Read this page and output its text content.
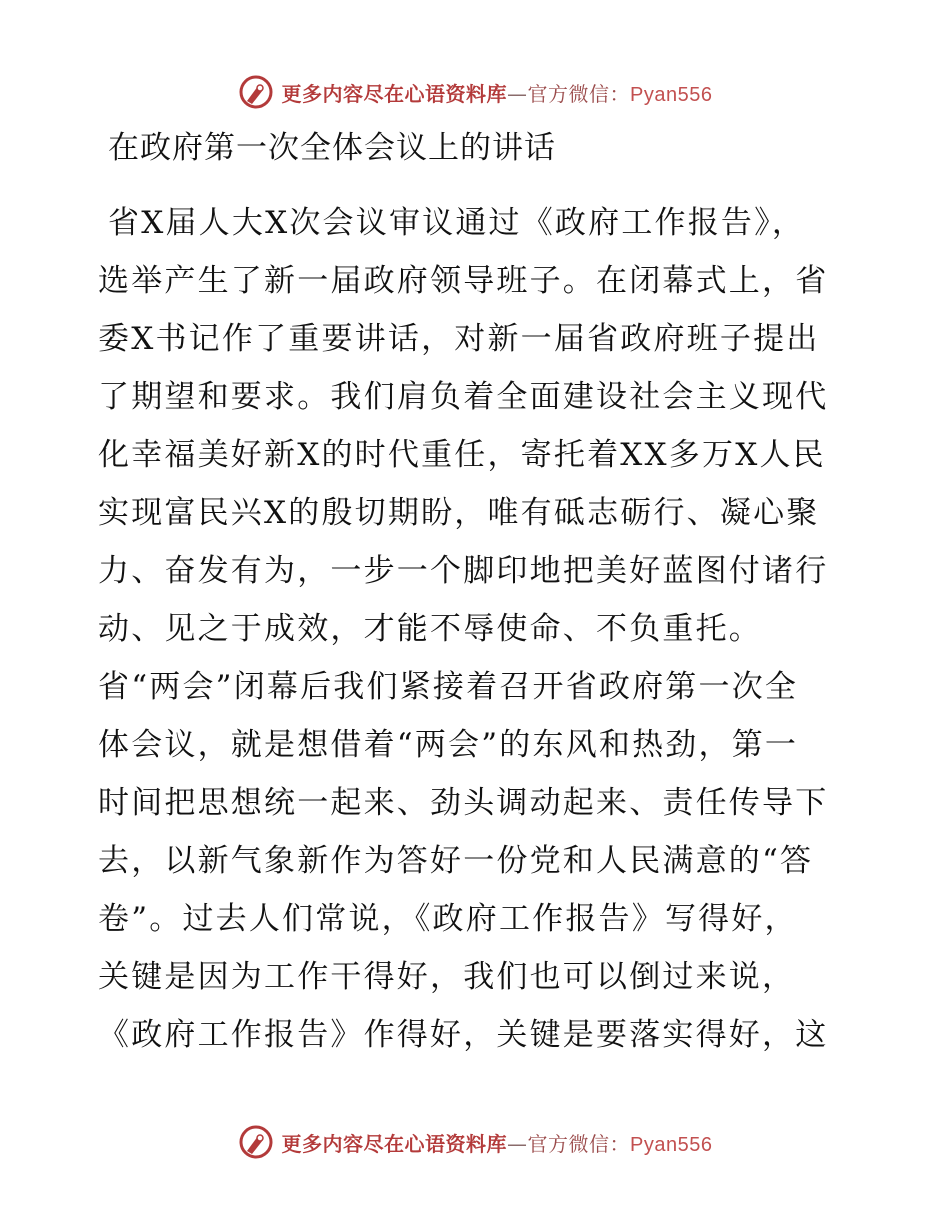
更多内容尽在心语资料库—官方微信：Pyan556
在政府第一次全体会议上的讲话
省X届人大X次会议审议通过《政府工作报告》，
选举产生了新一届政府领导班子。在闭幕式上，省
委X书记作了重要讲话，对新一届省政府班子提出
了期望和要求。我们肩负着全面建设社会主义现代
化幸福美好新X的时代重任，寄托着XX多万X人民
实现富民兴X的殷切期盼，唯有砥志砺行、凝心聚
力、奋发有为，一步一个脚印地把美好蓝图付诸行
动、见之于成效，才能不辱使命、不负重托。
省“两会”闭幕后我们紧接着召开省政府第一次全
体会议，就是想借着“两会”的东风和热劲，第一
时间把思想统一起来、劲头调动起来、责任传导下
去，以新气象新作为答好一份党和人民满意的“答
卷”。过去人们常说，《政府工作报告》写得好，
关键是因为工作干得好，我们也可以倒过来说，
《政府工作报告》作得好，关键是要落实得好，这
更多内容尽在心语资料库—官方微信：Pyan556
